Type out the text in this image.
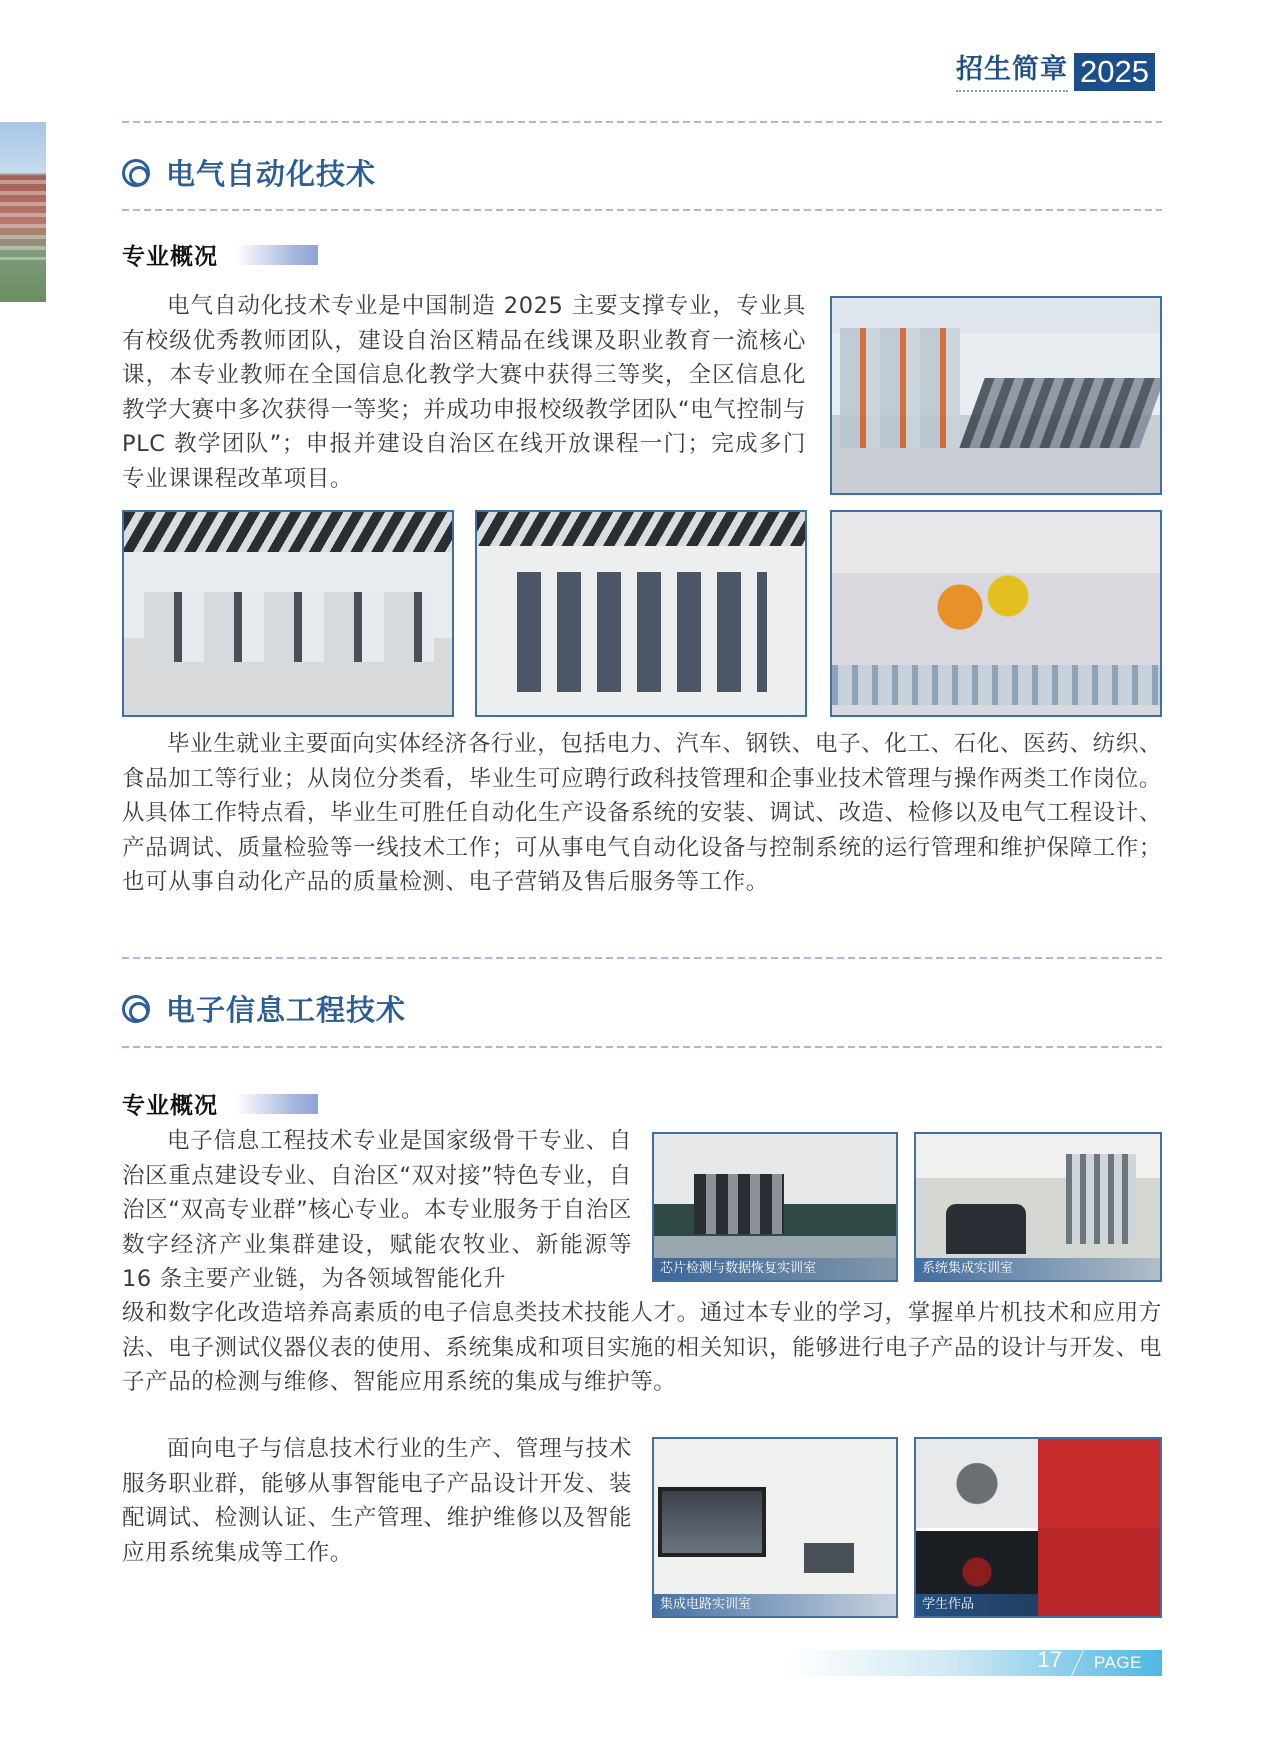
招生简章 2025
电气自动化技术
专业概况

电气自动化技术专业是中国制造 2025 主要支撑专业，专业具有校级优秀教师团队，建设自治区精品在线课及职业教育一流核心课，本专业教师在全国信息化教学大赛中获得三等奖，全区信息化教学大赛中多次获得一等奖；并成功申报校级教学团队“电气控制与 PLC 教学团队”；申报并建设自治区在线开放课程一门；完成多门专业课课程改革项目。

毕业生就业主要面向实体经济各行业，包括电力、汽车、钢铁、电子、化工、石化、医药、纺织、食品加工等行业；从岗位分类看，毕业生可应聘行政科技管理和企事业技术管理与操作两类工作岗位。从具体工作特点看，毕业生可胜任自动化生产设备系统的安装、调试、改造、检修以及电气工程设计、产品调试、质量检验等一线技术工作；可从事电气自动化设备与控制系统的运行管理和维护保障工作；也可从事自动化产品的质量检测、电子营销及售后服务等工作。

电子信息工程技术
专业概况

电子信息工程技术专业是国家级骨干专业、自治区重点建设专业、自治区“双对接”特色专业，自治区“双高专业群”核心专业。本专业服务于自治区数字经济产业集群建设，赋能农牧业、新能源等 16 条主要产业链，为各领域智能化升

级和数字化改造培养高素质的电子信息类技术技能人才。通过本专业的学习，掌握单片机技术和应用方法、电子测试仪器仪表的使用、系统集成和项目实施的相关知识，能够进行电子产品的设计与开发、电子产品的检测与维修、智能应用系统的集成与维护等。
芯片检测与数据恢复实训室	系统集成实训室

面向电子与信息技术行业的生产、管理与技术服务职业群，能够从事智能电子产品设计开发、装配调试、检测认证、生产管理、维护维修以及智能应用系统集成等工作。

集成电路实训室	学生作品
17 PAGE
